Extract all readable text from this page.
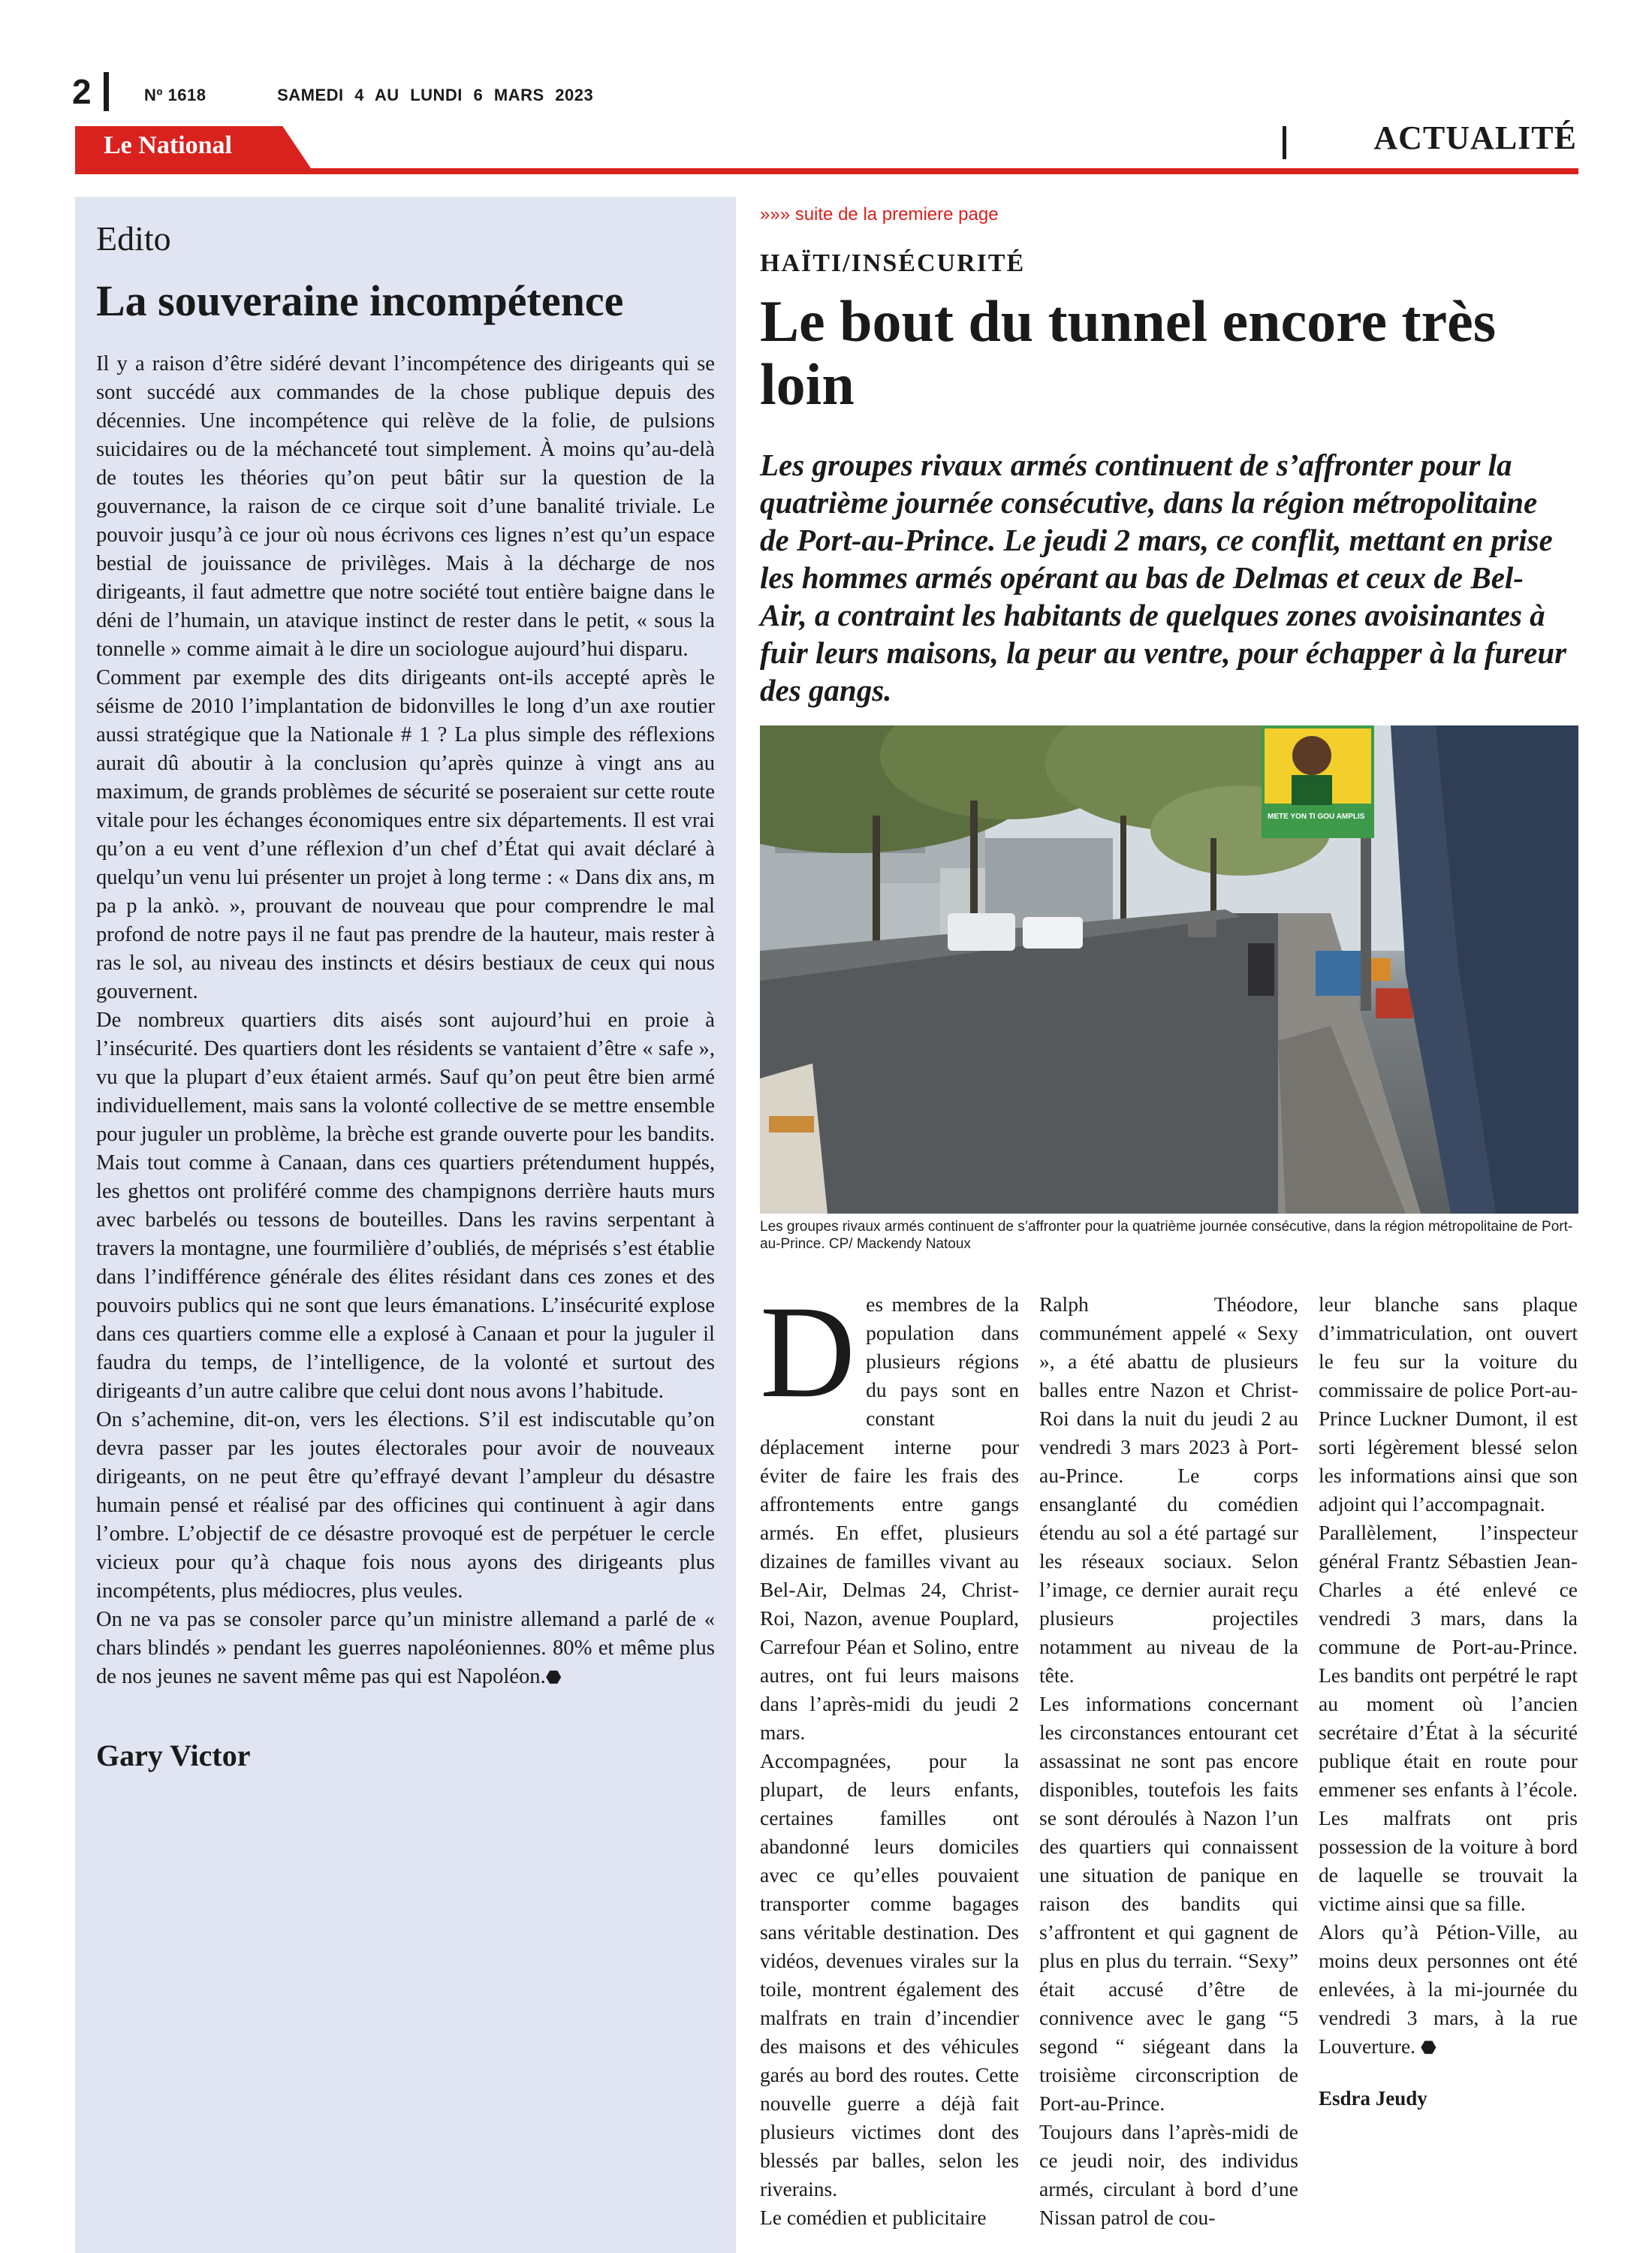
2	Nº 1618	SAMEDI 4 AU LUNDI 6 MARS 2023
Le National	ACTUALITÉ
Edito
La souveraine incompétence

Il y a raison d’être sidéré devant l’incompétence des dirigeants qui se sont succédé aux commandes de la chose publique depuis des décennies. Une incompétence qui relève de la folie, de pulsions suicidaires ou de la méchanceté tout simplement. À moins qu’au-delà de toutes les théories qu’on peut bâtir sur la question de la gouvernance, la raison de ce cirque soit d’une banalité triviale. Le pouvoir jusqu’à ce jour où nous écrivons ces lignes n’est qu’un espace bestial de jouissance de privilèges. Mais à la décharge de nos dirigeants, il faut admettre que notre société tout entière baigne dans le déni de l’humain, un atavique instinct de rester dans le petit, « sous la tonnelle » comme aimait à le dire un sociologue aujourd’hui disparu.

Comment par exemple des dits dirigeants ont-ils accepté après le séisme de 2010 l’implantation de bidonvilles le long d’un axe routier aussi stratégique que la Nationale # 1 ? La plus simple des réflexions aurait dû aboutir à la conclusion qu’après quinze à vingt ans au maximum, de grands problèmes de sécurité se poseraient sur cette route vitale pour les échanges économiques entre six départements. Il est vrai qu’on a eu vent d’une réflexion d’un chef d’État qui avait déclaré à quelqu’un venu lui présenter un projet à long terme : « Dans dix ans, m pa p la ankò. », prouvant de nouveau que pour comprendre le mal profond de notre pays il ne faut pas prendre de la hauteur, mais rester à ras le sol, au niveau des instincts et désirs bestiaux de ceux qui nous gouvernent.

De nombreux quartiers dits aisés sont aujourd’hui en proie à l’insécurité. Des quartiers dont les résidents se vantaient d’être « safe », vu que la plupart d’eux étaient armés. Sauf qu’on peut être bien armé individuellement, mais sans la volonté collective de se mettre ensemble pour juguler un problème, la brèche est grande ouverte pour les bandits. Mais tout comme à Canaan, dans ces quartiers prétendument huppés, les ghettos ont proliféré comme des champignons derrière hauts murs avec barbelés ou tessons de bouteilles. Dans les ravins serpentant à travers la montagne, une fourmilière d’oubliés, de méprisés s’est établie dans l’indifférence générale des élites résidant dans ces zones et des pouvoirs publics qui ne sont que leurs émanations. L’insécurité explose dans ces quartiers comme elle a explosé à Canaan et pour la juguler il faudra du temps, de l’intelligence, de la volonté et surtout des dirigeants d’un autre calibre que celui dont nous avons l’habitude.

On s’achemine, dit-on, vers les élections. S’il est indiscutable qu’on devra passer par les joutes électorales pour avoir de nouveaux dirigeants, on ne peut être qu’effrayé devant l’ampleur du désastre humain pensé et réalisé par des officines qui continuent à agir dans l’ombre. L’objectif de ce désastre provoqué est de perpétuer le cercle vicieux pour qu’à chaque fois nous ayons des dirigeants plus incompétents, plus médiocres, plus veules.

On ne va pas se consoler parce qu’un ministre allemand a parlé de « chars blindés » pendant les guerres napoléoniennes. 80% et même plus de nos jeunes ne savent même pas qui est Napoléon.⬣

Gary Victor
»»» suite de la premiere page
HAÏTI/INSÉCURITÉ
Le bout du tunnel encore très loin

Les groupes rivaux armés continuent de s’affronter pour la quatrième journée consécutive, dans la région métropolitaine de Port-au-Prince. Le jeudi 2 mars, ce conflit, mettant en prise les hommes armés opérant au bas de Delmas et ceux de Bel-Air, a contraint les habitants de quelques zones avoisinantes à fuir leurs maisons, la peur au ventre, pour échapper à la fureur des gangs.

METE YON TI GOU AMPLIS
Les groupes rivaux armés continuent de s’affronter pour la quatrième journée consécutive, dans la région métropolitaine de Port-au-Prince. CP/ Mackendy Natoux

Des membres de la population dans plusieurs régions du pays sont en constant déplacement interne pour éviter de faire les frais des affrontements entre gangs armés. En effet, plusieurs dizaines de familles vivant au Bel-Air, Delmas 24, Christ-Roi, Nazon, avenue Pouplard, Carrefour Péan et Solino, entre autres, ont fui leurs maisons dans l’après-midi du jeudi 2 mars.

Accompagnées, pour la plupart, de leurs enfants, certaines familles ont abandonné leurs domiciles avec ce qu’elles pouvaient transporter comme bagages sans véritable destination. Des vidéos, devenues virales sur la toile, montrent également des malfrats en train d’incendier des maisons et des véhicules garés au bord des routes. Cette nouvelle guerre a déjà fait plusieurs victimes dont des blessés par balles, selon les riverains.

Le comédien et publicitaire

Ralph Théodore, communément appelé « Sexy », a été abattu de plusieurs balles entre Nazon et Christ-Roi dans la nuit du jeudi 2 au vendredi 3 mars 2023 à Port-au-Prince. Le corps ensanglanté du comédien étendu au sol a été partagé sur les réseaux sociaux. Selon l’image, ce dernier aurait reçu plusieurs projectiles notamment au niveau de la tête.

Les informations concernant les circonstances entourant cet assassinat ne sont pas encore disponibles, toutefois les faits se sont déroulés à Nazon l’un des quartiers qui connaissent une situation de panique en raison des bandits qui s’affrontent et qui gagnent de plus en plus du terrain. “Sexy” était accusé d’être de connivence avec le gang “5 segond “ siégeant dans la troisième circonscription de Port-au-Prince.

Toujours dans l’après-midi de ce jeudi noir, des individus armés, circulant à bord d’une Nissan patrol de cou-

leur blanche sans plaque d’immatriculation, ont ouvert le feu sur la voiture du commissaire de police Port-au-Prince Luckner Dumont, il est sorti légèrement blessé selon les informations ainsi que son adjoint qui l’accompagnait.

Parallèlement, l’inspecteur général Frantz Sébastien Jean-Charles a été enlevé ce vendredi 3 mars, dans la commune de Port-au-Prince. Les bandits ont perpétré le rapt au moment où l’ancien secrétaire d’État à la sécurité publique était en route pour emmener ses enfants à l’école. Les malfrats ont pris possession de la voiture à bord de laquelle se trouvait la victime ainsi que sa fille.

Alors qu’à Pétion-Ville, au moins deux personnes ont été enlevées, à la mi-journée du vendredi 3 mars, à la rue Louverture. ⬣

Esdra Jeudy
